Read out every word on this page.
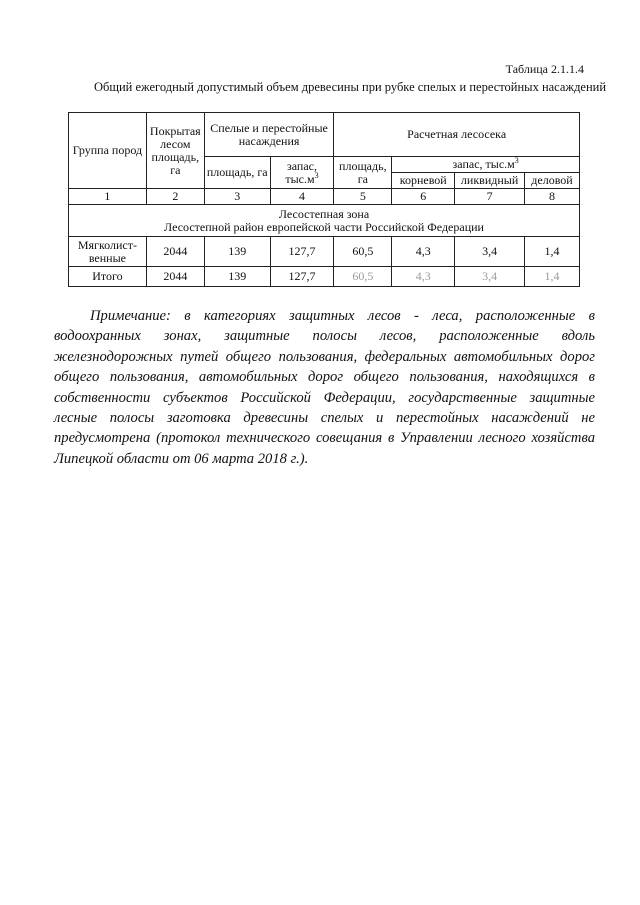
Таблица 2.1.1.4
Общий ежегодный допустимый объем древесины при рубке спелых и перестойных насаждений
Группа пород	Покрытая лесом площадь, га	Спелые и перестойные насаждения		Расчетная лесосека			
		площадь, га	запас, $тыс.м^3$	площадь, га	запас, $тыс.м^3$
					корневой	ликвидный	деловой
1	2	3	4	5	6	7	8

Лесостепная зона
Лесостепной район европейской части Российской Федерации							

Мягколист-венные	2044	139	127,7	60,5	4,3	3,4	1,4
Итого	2044	139	127,7	60,5	4,3	3,4	1,4
Примечание: в категориях защитных лесов - леса, расположенные в водоохранных зонах, защитные полосы лесов, расположенные вдоль железнодорожных путей общего пользования, федеральных автомобильных дорог общего пользования, автомобильных дорог общего пользования, находящихся в собственности субъектов Российской Федерации, государственные защитные лесные полосы заготовка древесины спелых и перестойных насаждений не предусмотрена (протокол технического совещания в Управлении лесного хозяйства Липецкой области от 06 марта 2018 г.).
